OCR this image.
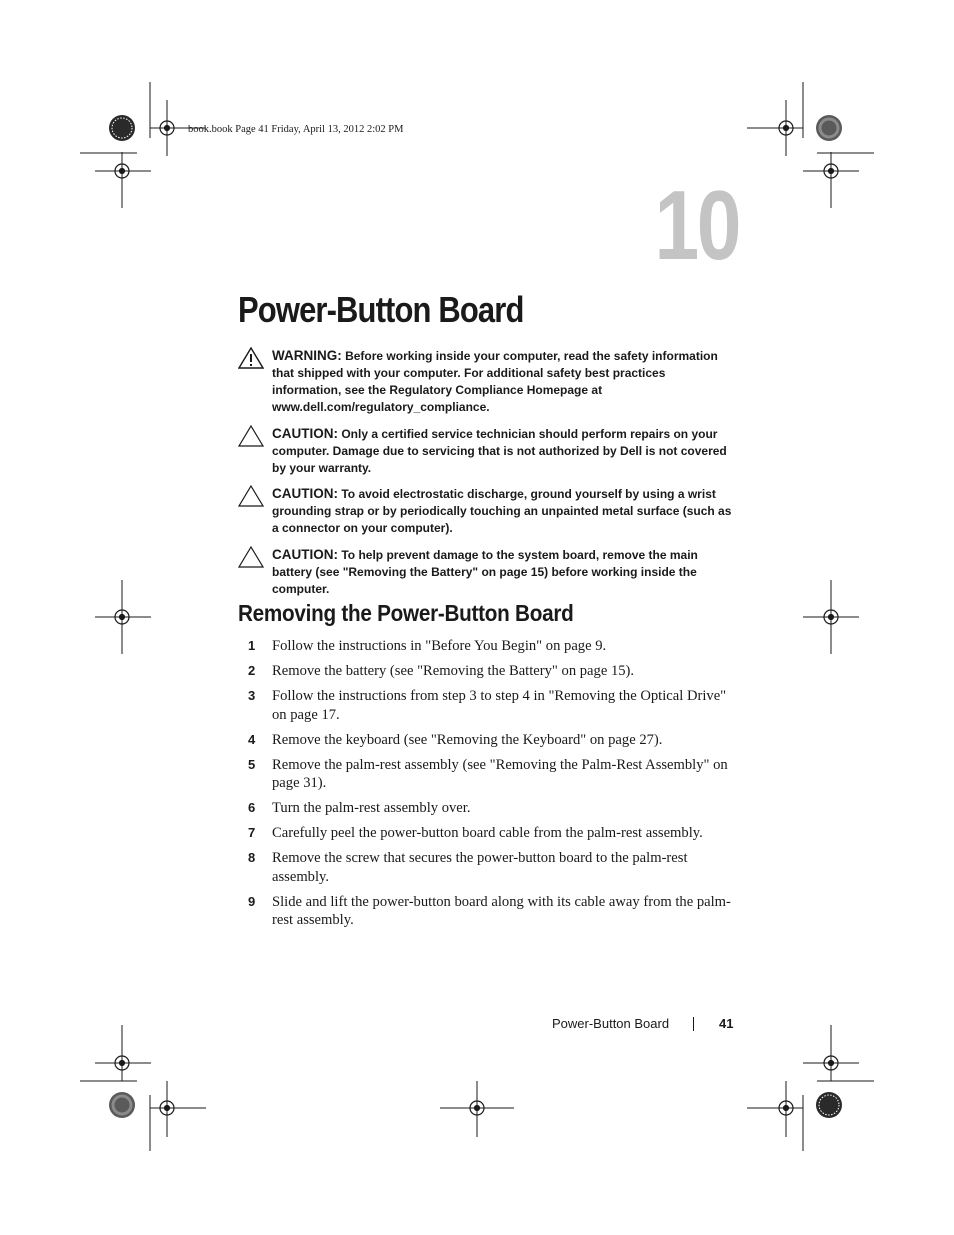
book.book Page 41 Friday, April 13, 2012 2:02 PM
10
Power-Button Board
WARNING: Before working inside your computer, read the safety information that shipped with your computer. For additional safety best practices information, see the Regulatory Compliance Homepage at www.dell.com/regulatory_compliance.
CAUTION: Only a certified service technician should perform repairs on your computer. Damage due to servicing that is not authorized by Dell is not covered by your warranty.
CAUTION: To avoid electrostatic discharge, ground yourself by using a wrist grounding strap or by periodically touching an unpainted metal surface (such as a connector on your computer).
CAUTION: To help prevent damage to the system board, remove the main battery (see "Removing the Battery" on page 15) before working inside the computer.
Removing the Power-Button Board
1 Follow the instructions in "Before You Begin" on page 9.
2 Remove the battery (see "Removing the Battery" on page 15).
3 Follow the instructions from step 3 to step 4 in "Removing the Optical Drive" on page 17.
4 Remove the keyboard (see "Removing the Keyboard" on page 27).
5 Remove the palm-rest assembly (see "Removing the Palm-Rest Assembly" on page 31).
6 Turn the palm-rest assembly over.
7 Carefully peel the power-button board cable from the palm-rest assembly.
8 Remove the screw that secures the power-button board to the palm-rest assembly.
9 Slide and lift the power-button board along with its cable away from the palm-rest assembly.
Power-Button Board	41
